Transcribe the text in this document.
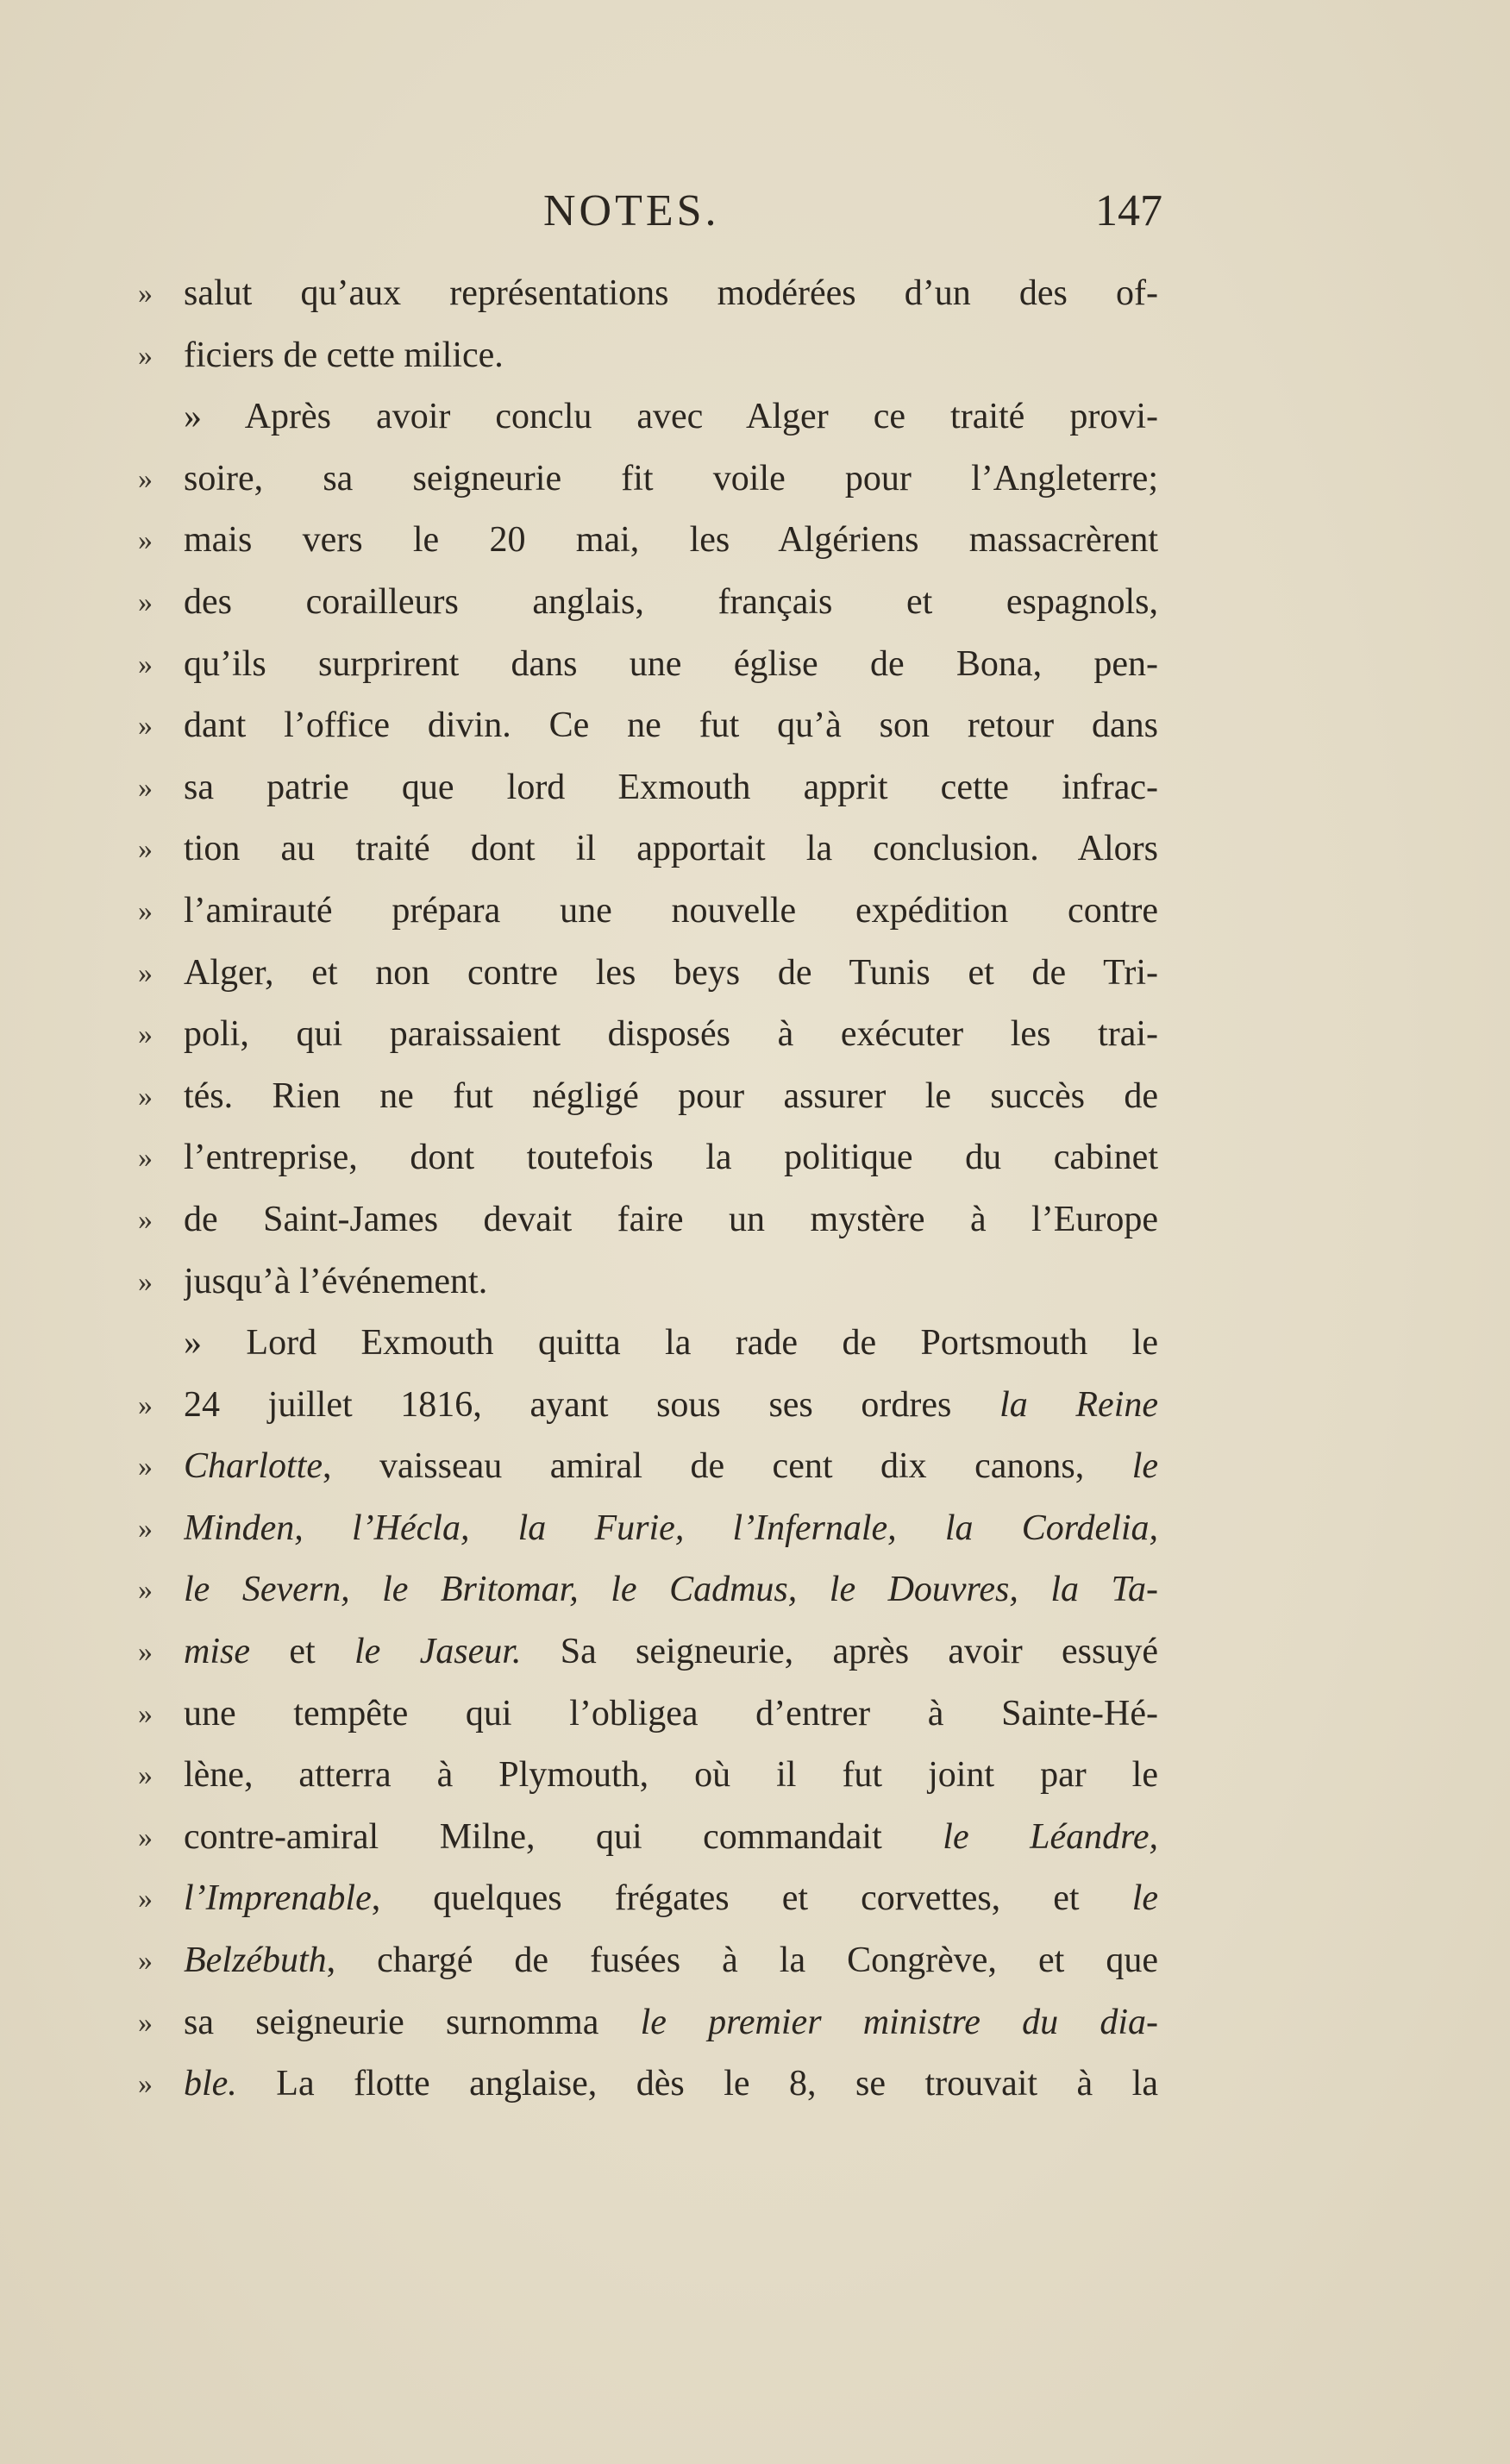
NOTES.	147
» salut qu’aux représentations modérées d’un des of-
» ficiers de cette milice.
» Après avoir conclu avec Alger ce traité provi-
» soire, sa seigneurie fit voile pour l’Angleterre;
» mais vers le 20 mai, les Algériens massacrèrent
» des corailleurs anglais, français et espagnols,
» qu’ils surprirent dans une église de Bona, pen-
» dant l’office divin. Ce ne fut qu’à son retour dans
» sa patrie que lord Exmouth apprit cette infrac-
» tion au traité dont il apportait la conclusion. Alors
» l’amirauté prépara une nouvelle expédition contre
» Alger, et non contre les beys de Tunis et de Tri-
» poli, qui paraissaient disposés à exécuter les trai-
» tés. Rien ne fut négligé pour assurer le succès de
» l’entreprise, dont toutefois la politique du cabinet
» de Saint-James devait faire un mystère à l’Europe
» jusqu’à l’événement.
» Lord Exmouth quitta la rade de Portsmouth le
» 24 juillet 1816, ayant sous ses ordres la Reine
» Charlotte, vaisseau amiral de cent dix canons, le
» Minden, l’Hécla, la Furie, l’Infernale, la Cordelia,
» le Severn, le Britomar, le Cadmus, le Douvres, la Ta-
» mise et le Jaseur. Sa seigneurie, après avoir essuyé
» une tempête qui l’obligea d’entrer à Sainte-Hé-
» lène, atterra à Plymouth, où il fut joint par le
» contre-amiral Milne, qui commandait le Léandre,
» l’Imprenable, quelques frégates et corvettes, et le
» Belzébuth, chargé de fusées à la Congrève, et que
» sa seigneurie surnomma le premier ministre du dia-
» ble. La flotte anglaise, dès le 8, se trouvait à la
